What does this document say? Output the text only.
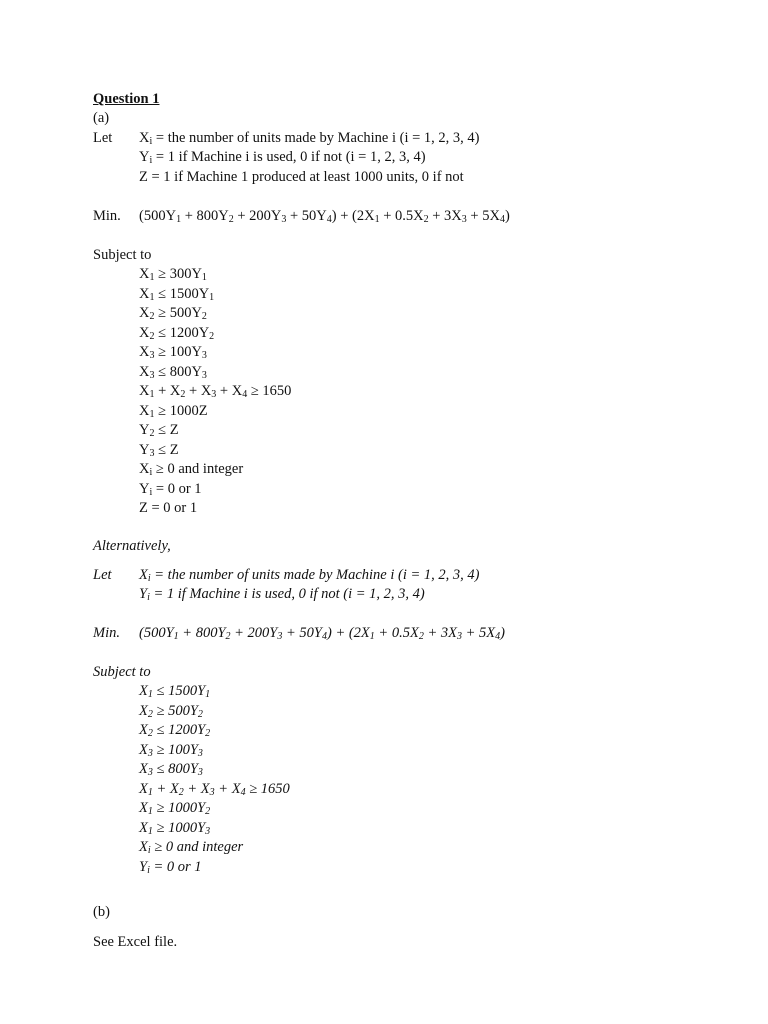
Question 1
(a)
Let $X_i$ = the number of units made by Machine i (i = 1, 2, 3, 4)
$Y_i = 1$ if Machine i is used, 0 if not (i = 1, 2, 3, 4)
Z = 1 if Machine 1 produced at least 1000 units, 0 if not
Min. $(500Y_1 + 800Y_2 + 200Y_3 + 50Y_4) + (2X_1 + 0.5X_2 + 3X_3 + 5X_4)$
Subject to
$X_1 \ge 300Y_1$
$X_1 \le 1500Y_1$
$X_2 \ge 500Y_2$
$X_2 \le 1200Y_2$
$X_3 \ge 100Y_3$
$X_3 \le 800Y_3$
$X_1 + X_2 + X_3 + X_4 \ge 1650$
$X_1 \ge 1000Z$
$Y_2 \le Z$
$Y_3 \le Z$
$X_i \ge 0$ and integer
$Y_i = 0$ or 1
Z = 0 or 1
Alternatively,
Let $X_i$ = the number of units made by Machine i (i = 1, 2, 3, 4)
$Y_i = 1$ if Machine i is used, 0 if not (i = 1, 2, 3, 4)
Min. $(500Y_1 + 800Y_2 + 200Y_3 + 50Y_4) + (2X_1 + 0.5X_2 + 3X_3 + 5X_4)$
Subject to
$X_1 \le 1500Y_1$
$X_2 \ge 500Y_2$
$X_2 \le 1200Y_2$
$X_3 \ge 100Y_3$
$X_3 \le 800Y_3$
$X_1 + X_2 + X_3 + X_4 \ge 1650$
$X_1 \ge 1000Y_2$
$X_1 \ge 1000Y_3$
$X_i \ge 0$ and integer
$Y_i = 0$ or 1
(b)
See Excel file.
